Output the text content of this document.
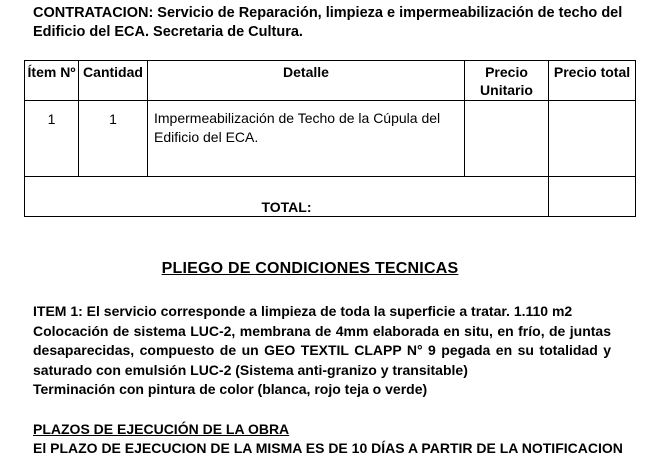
CONTRATACION: Servicio de Reparación, limpieza e impermeabilización de techo del Edificio del ECA. Secretaria de Cultura.
Ítem Nº	Cantidad	Detalle	Precio Unitario	Precio total
1	1	Impermeabilización de Techo de la Cúpula del Edificio del ECA.		
TOTAL:				
PLIEGO DE CONDICIONES TECNICAS

ITEM 1: El servicio corresponde a limpieza de toda la superficie a tratar. 1.110 m2

Colocación de sistema LUC-2, membrana de 4mm elaborada en situ, en frío, de juntas desaparecidas, compuesto de un GEO TEXTIL CLAPP N° 9 pegada en su totalidad y saturado con emulsión LUC-2 (Sistema anti-granizo y transitable)

Terminación con pintura de color (blanca, rojo teja o verde)

PLAZOS DE EJECUCIÓN DE LA OBRA
El PLAZO DE EJECUCION DE LA MISMA ES DE 10 DÍAS A PARTIR DE LA NOTIFICACION
